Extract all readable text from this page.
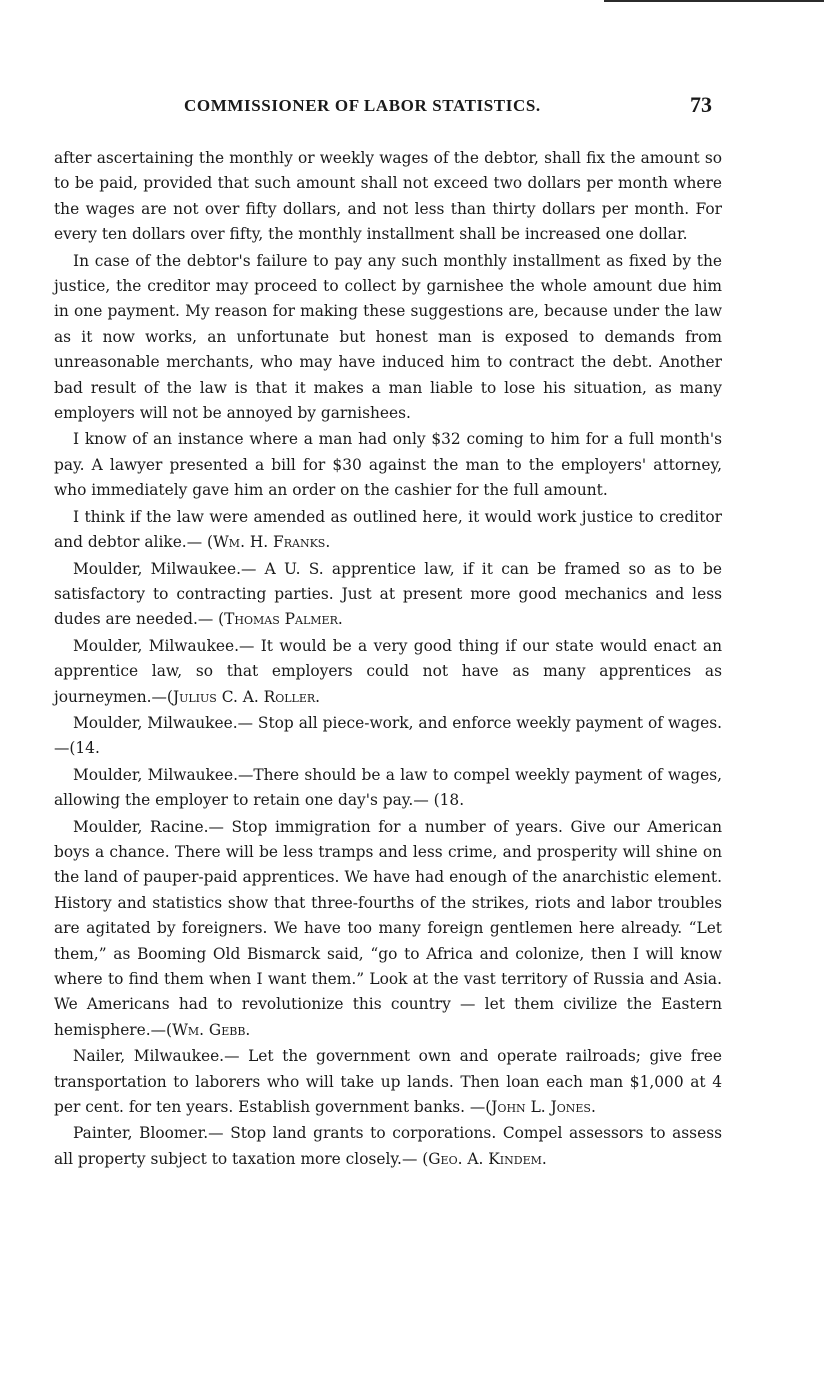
COMMISSIONER OF LABOR STATISTICS.	73

after ascertaining the monthly or weekly wages of the debtor, shall fix the amount so to be paid, provided that such amount shall not exceed two dollars per month where the wages are not over fifty dollars, and not less than thirty dollars per month. For every ten dollars over fifty, the monthly installment shall be increased one dollar.

In case of the debtor's failure to pay any such monthly installment as fixed by the justice, the creditor may proceed to collect by garnishee the whole amount due him in one payment. My reason for making these suggestions are, because under the law as it now works, an unfortunate but honest man is exposed to demands from unreasonable merchants, who may have induced him to contract the debt. Another bad result of the law is that it makes a man liable to lose his situation, as many employers will not be annoyed by garnishees.

I know of an instance where a man had only $32 coming to him for a full month's pay. A lawyer presented a bill for $30 against the man to the employers' attorney, who immediately gave him an order on the cashier for the full amount.

I think if the law were amended as outlined here, it would work justice to creditor and debtor alike.— (Wm. H. Franks.

Moulder, Milwaukee.— A U. S. apprentice law, if it can be framed so as to be satisfactory to contracting parties. Just at present more good mechanics and less dudes are needed.— (Thomas Palmer.

Moulder, Milwaukee.— It would be a very good thing if our state would enact an apprentice law, so that employers could not have as many apprentices as journeymen.—(Julius C. A. Roller.

Moulder, Milwaukee.— Stop all piece-work, and enforce weekly payment of wages.—(14.

Moulder, Milwaukee.—There should be a law to compel weekly payment of wages, allowing the employer to retain one day's pay.— (18.

Moulder, Racine.— Stop immigration for a number of years. Give our American boys a chance. There will be less tramps and less crime, and prosperity will shine on the land of pauper-paid apprentices. We have had enough of the anarchistic element. History and statistics show that three-fourths of the strikes, riots and labor troubles are agitated by foreigners. We have too many foreign gentlemen here already. “Let them,” as Booming Old Bismarck said, “go to Africa and colonize, then I will know where to find them when I want them.” Look at the vast territory of Russia and Asia. We Americans had to revolutionize this country — let them civilize the Eastern hemisphere.—(Wm. Gebb.

Nailer, Milwaukee.— Let the government own and operate railroads; give free transportation to laborers who will take up lands. Then loan each man $1,000 at 4 per cent. for ten years. Establish government banks. —(John L. Jones.

Painter, Bloomer.— Stop land grants to corporations. Compel assessors to assess all property subject to taxation more closely.— (Geo. A. Kindem.
